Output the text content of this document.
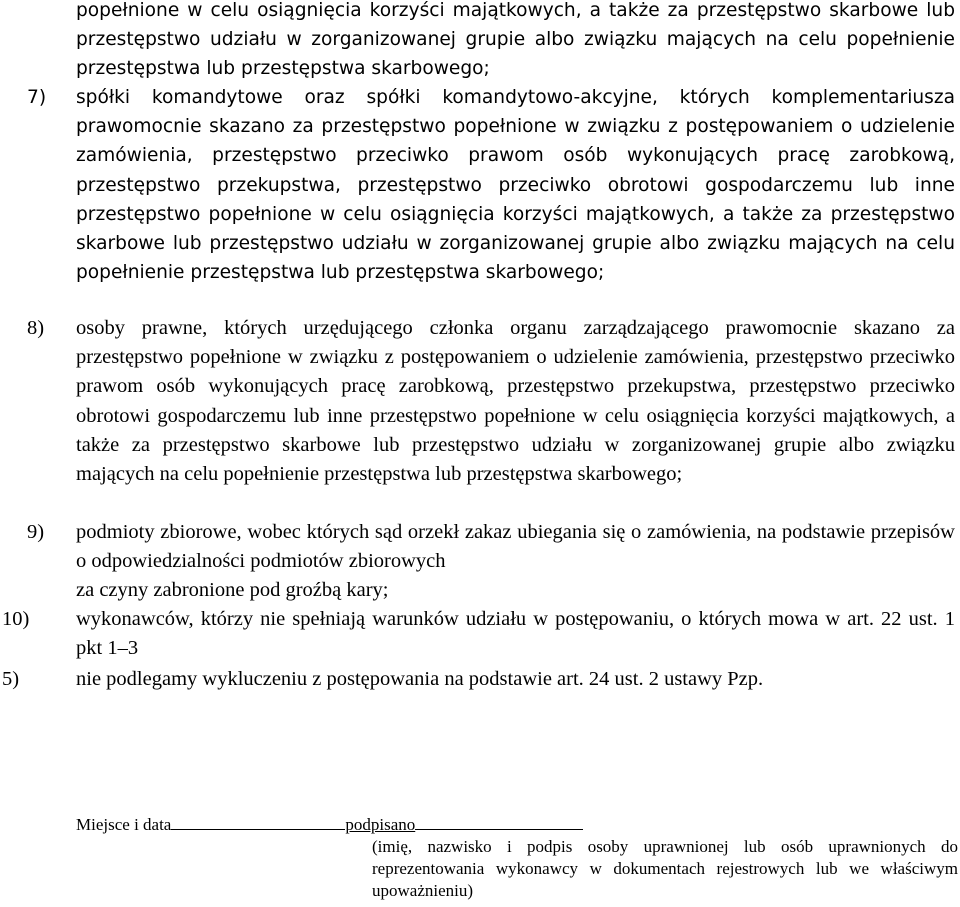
popełnione w celu osiągnięcia korzyści majątkowych, a także za przestępstwo skarbowe lub przestępstwo udziału w zorganizowanej grupie albo związku mających na celu popełnienie przestępstwa lub przestępstwa skarbowego;
7) spółki komandytowe oraz spółki komandytowo-akcyjne, których komplementariusza prawomocnie skazano za przestępstwo popełnione w związku z postępowaniem o udzielenie zamówienia, przestępstwo przeciwko prawom osób wykonujących pracę zarobkową, przestępstwo przekupstwa, przestępstwo przeciwko obrotowi gospodarczemu lub inne przestępstwo popełnione w celu osiągnięcia korzyści majątkowych, a także za przestępstwo skarbowe lub przestępstwo udziału w zorganizowanej grupie albo związku mających na celu popełnienie przestępstwa lub przestępstwa skarbowego;
8) osoby prawne, których urzędującego członka organu zarządzającego prawomocnie skazano za przestępstwo popełnione w związku z postępowaniem o udzielenie zamówienia, przestępstwo przeciwko prawom osób wykonujących pracę zarobkową, przestępstwo przekupstwa, przestępstwo przeciwko obrotowi gospodarczemu lub inne przestępstwo popełnione w celu osiągnięcia korzyści majątkowych, a także za przestępstwo skarbowe lub przestępstwo udziału w zorganizowanej grupie albo związku mających na celu popełnienie przestępstwa lub przestępstwa skarbowego;
9) podmioty zbiorowe, wobec których sąd orzekł zakaz ubiegania się o zamówienia, na podstawie przepisów o odpowiedzialności podmiotów zbiorowych
za czyny zabronione pod groźbą kary;
10) wykonawców, którzy nie spełniają warunków udziału w postępowaniu, o których mowa w art. 22 ust. 1 pkt 1–3
5)	nie podlegamy wykluczeniu z postępowania na podstawie art. 24 ust. 2 ustawy Pzp.
Miejsce i data	podpisano
(imię, nazwisko i podpis osoby uprawnionej lub osób uprawnionych do reprezentowania wykonawcy w dokumentach rejestrowych lub we właściwym upoważnieniu)
